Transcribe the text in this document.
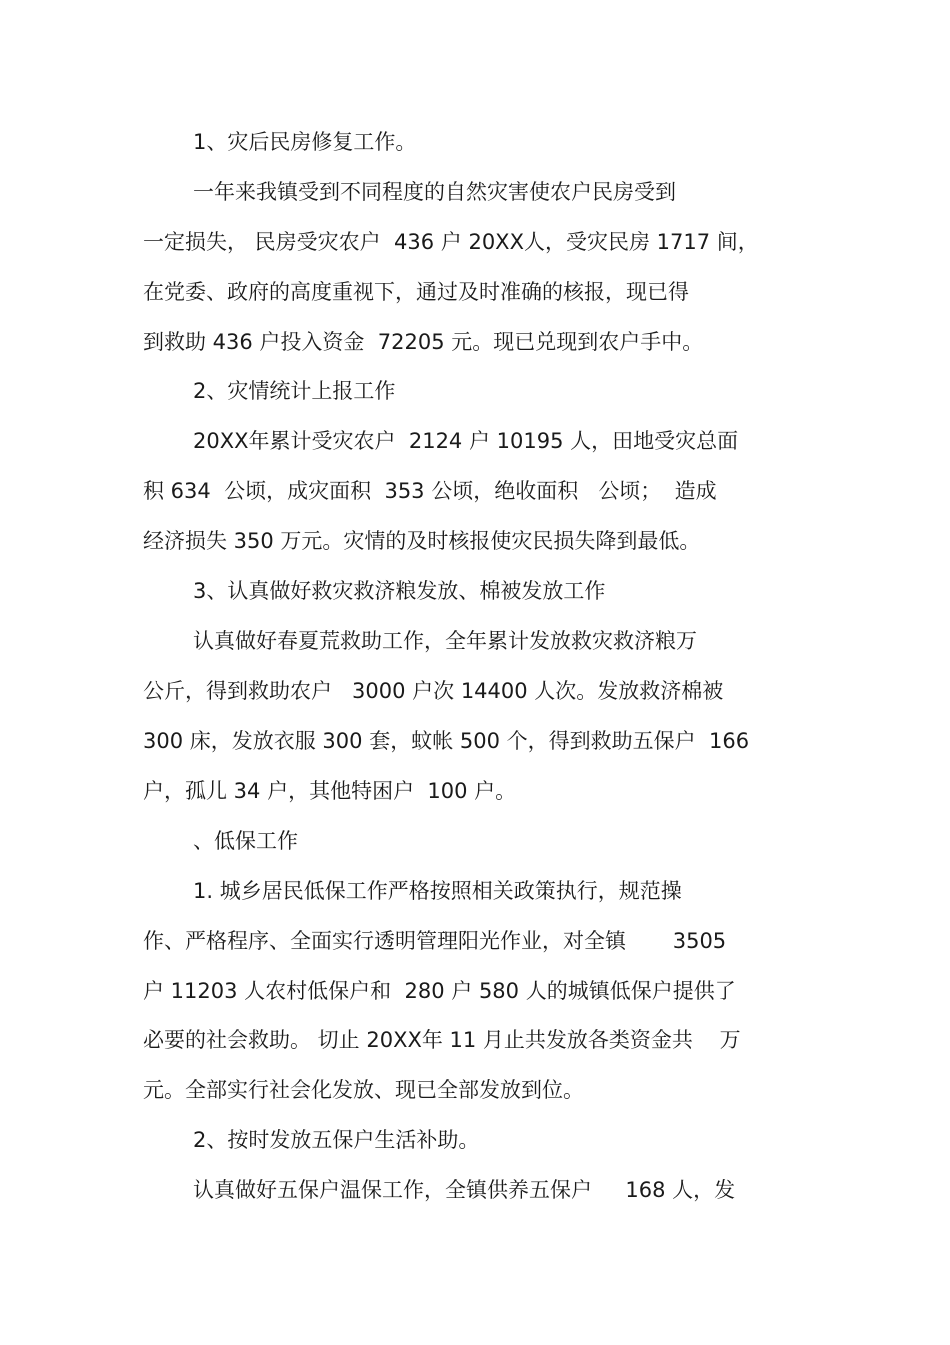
1、灾后民房修复工作。
一年来我镇受到不同程度的自然灾害使农户民房受到
一定损失， 民房受灾农户  436 户 20XX人，受灾民房 1717 间，
在党委、政府的高度重视下，通过及时准确的核报，现已得
到救助 436 户投入资金  72205 元。现已兑现到农户手中。
2、灾情统计上报工作
20XX年累计受灾农户  2124 户 10195 人，田地受灾总面
积 634  公顷，成灾面积  353 公顷，绝收面积   公顷；  造成
经济损失 350 万元。灾情的及时核报使灾民损失降到最低。
3、认真做好救灾救济粮发放、棉被发放工作
认真做好春夏荒救助工作，全年累计发放救灾救济粮万
公斤，得到救助农户   3000 户次 14400 人次。发放救济棉被
300 床，发放衣服 300 套，蚊帐 500 个，得到救助五保户  166
户，孤儿 34 户，其他特困户  100 户。
、低保工作
1. 城乡居民低保工作严格按照相关政策执行，规范操
作、严格程序、全面实行透明管理阳光作业，对全镇       3505
户 11203 人农村低保户和  280 户 580 人的城镇低保户提供了
必要的社会救助。 切止 20XX年 11 月止共发放各类资金共    万
元。全部实行社会化发放、现已全部发放到位。
2、按时发放五保户生活补助。
认真做好五保户温保工作，全镇供养五保户     168 人，发
